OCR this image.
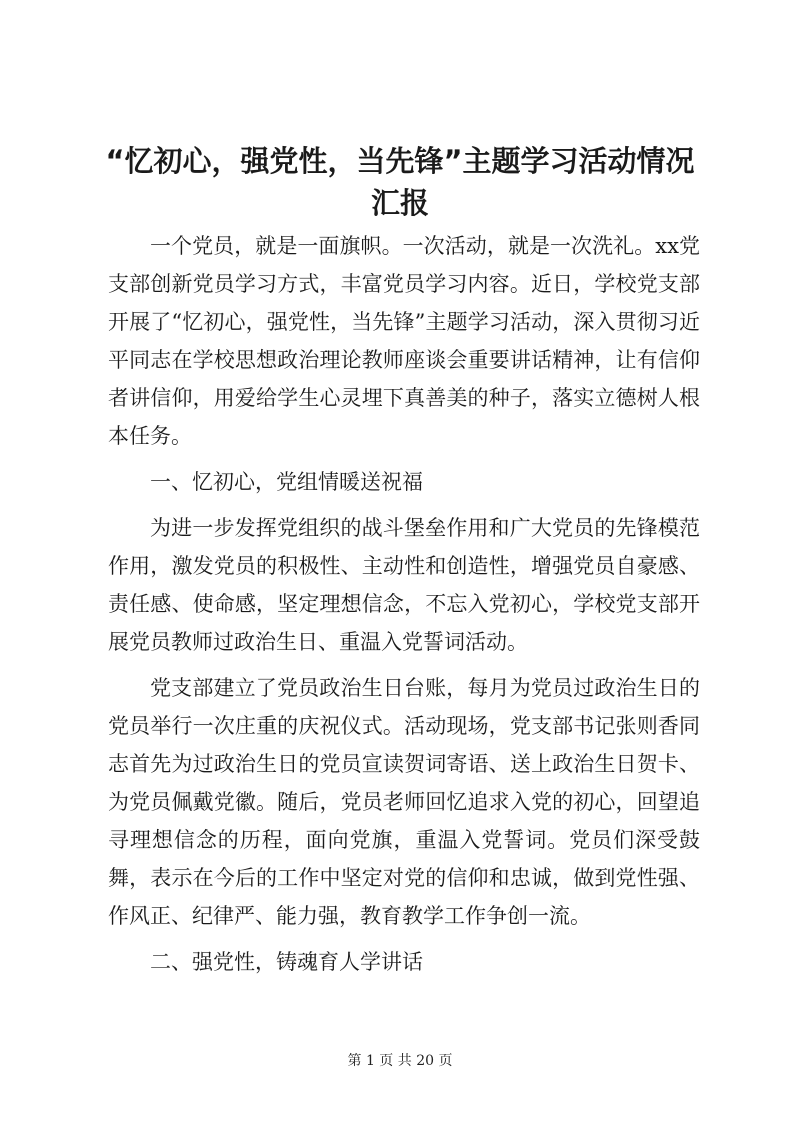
“忆初心，强党性，当先锋”主题学习活动情况汇报

一个党员，就是一面旗帜。一次活动，就是一次洗礼。xx党支部创新党员学习方式，丰富党员学习内容。近日，学校党支部开展了“忆初心，强党性，当先锋”主题学习活动，深入贯彻习近平同志在学校思想政治理论教师座谈会重要讲话精神，让有信仰者讲信仰，用爱给学生心灵埋下真善美的种子，落实立德树人根本任务。

一、忆初心，党组情暖送祝福

为进一步发挥党组织的战斗堡垒作用和广大党员的先锋模范作用，激发党员的积极性、主动性和创造性，增强党员自豪感、责任感、使命感，坚定理想信念，不忘入党初心，学校党支部开展党员教师过政治生日、重温入党誓词活动。

党支部建立了党员政治生日台账，每月为党员过政治生日的党员举行一次庄重的庆祝仪式。活动现场，党支部书记张则香同志首先为过政治生日的党员宣读贺词寄语、送上政治生日贺卡、为党员佩戴党徽。随后，党员老师回忆追求入党的初心，回望追寻理想信念的历程，面向党旗，重温入党誓词。党员们深受鼓舞，表示在今后的工作中坚定对党的信仰和忠诚，做到党性强、作风正、纪律严、能力强，教育教学工作争创一流。

二、强党性，铸魂育人学讲话

第 1 页 共 20 页
